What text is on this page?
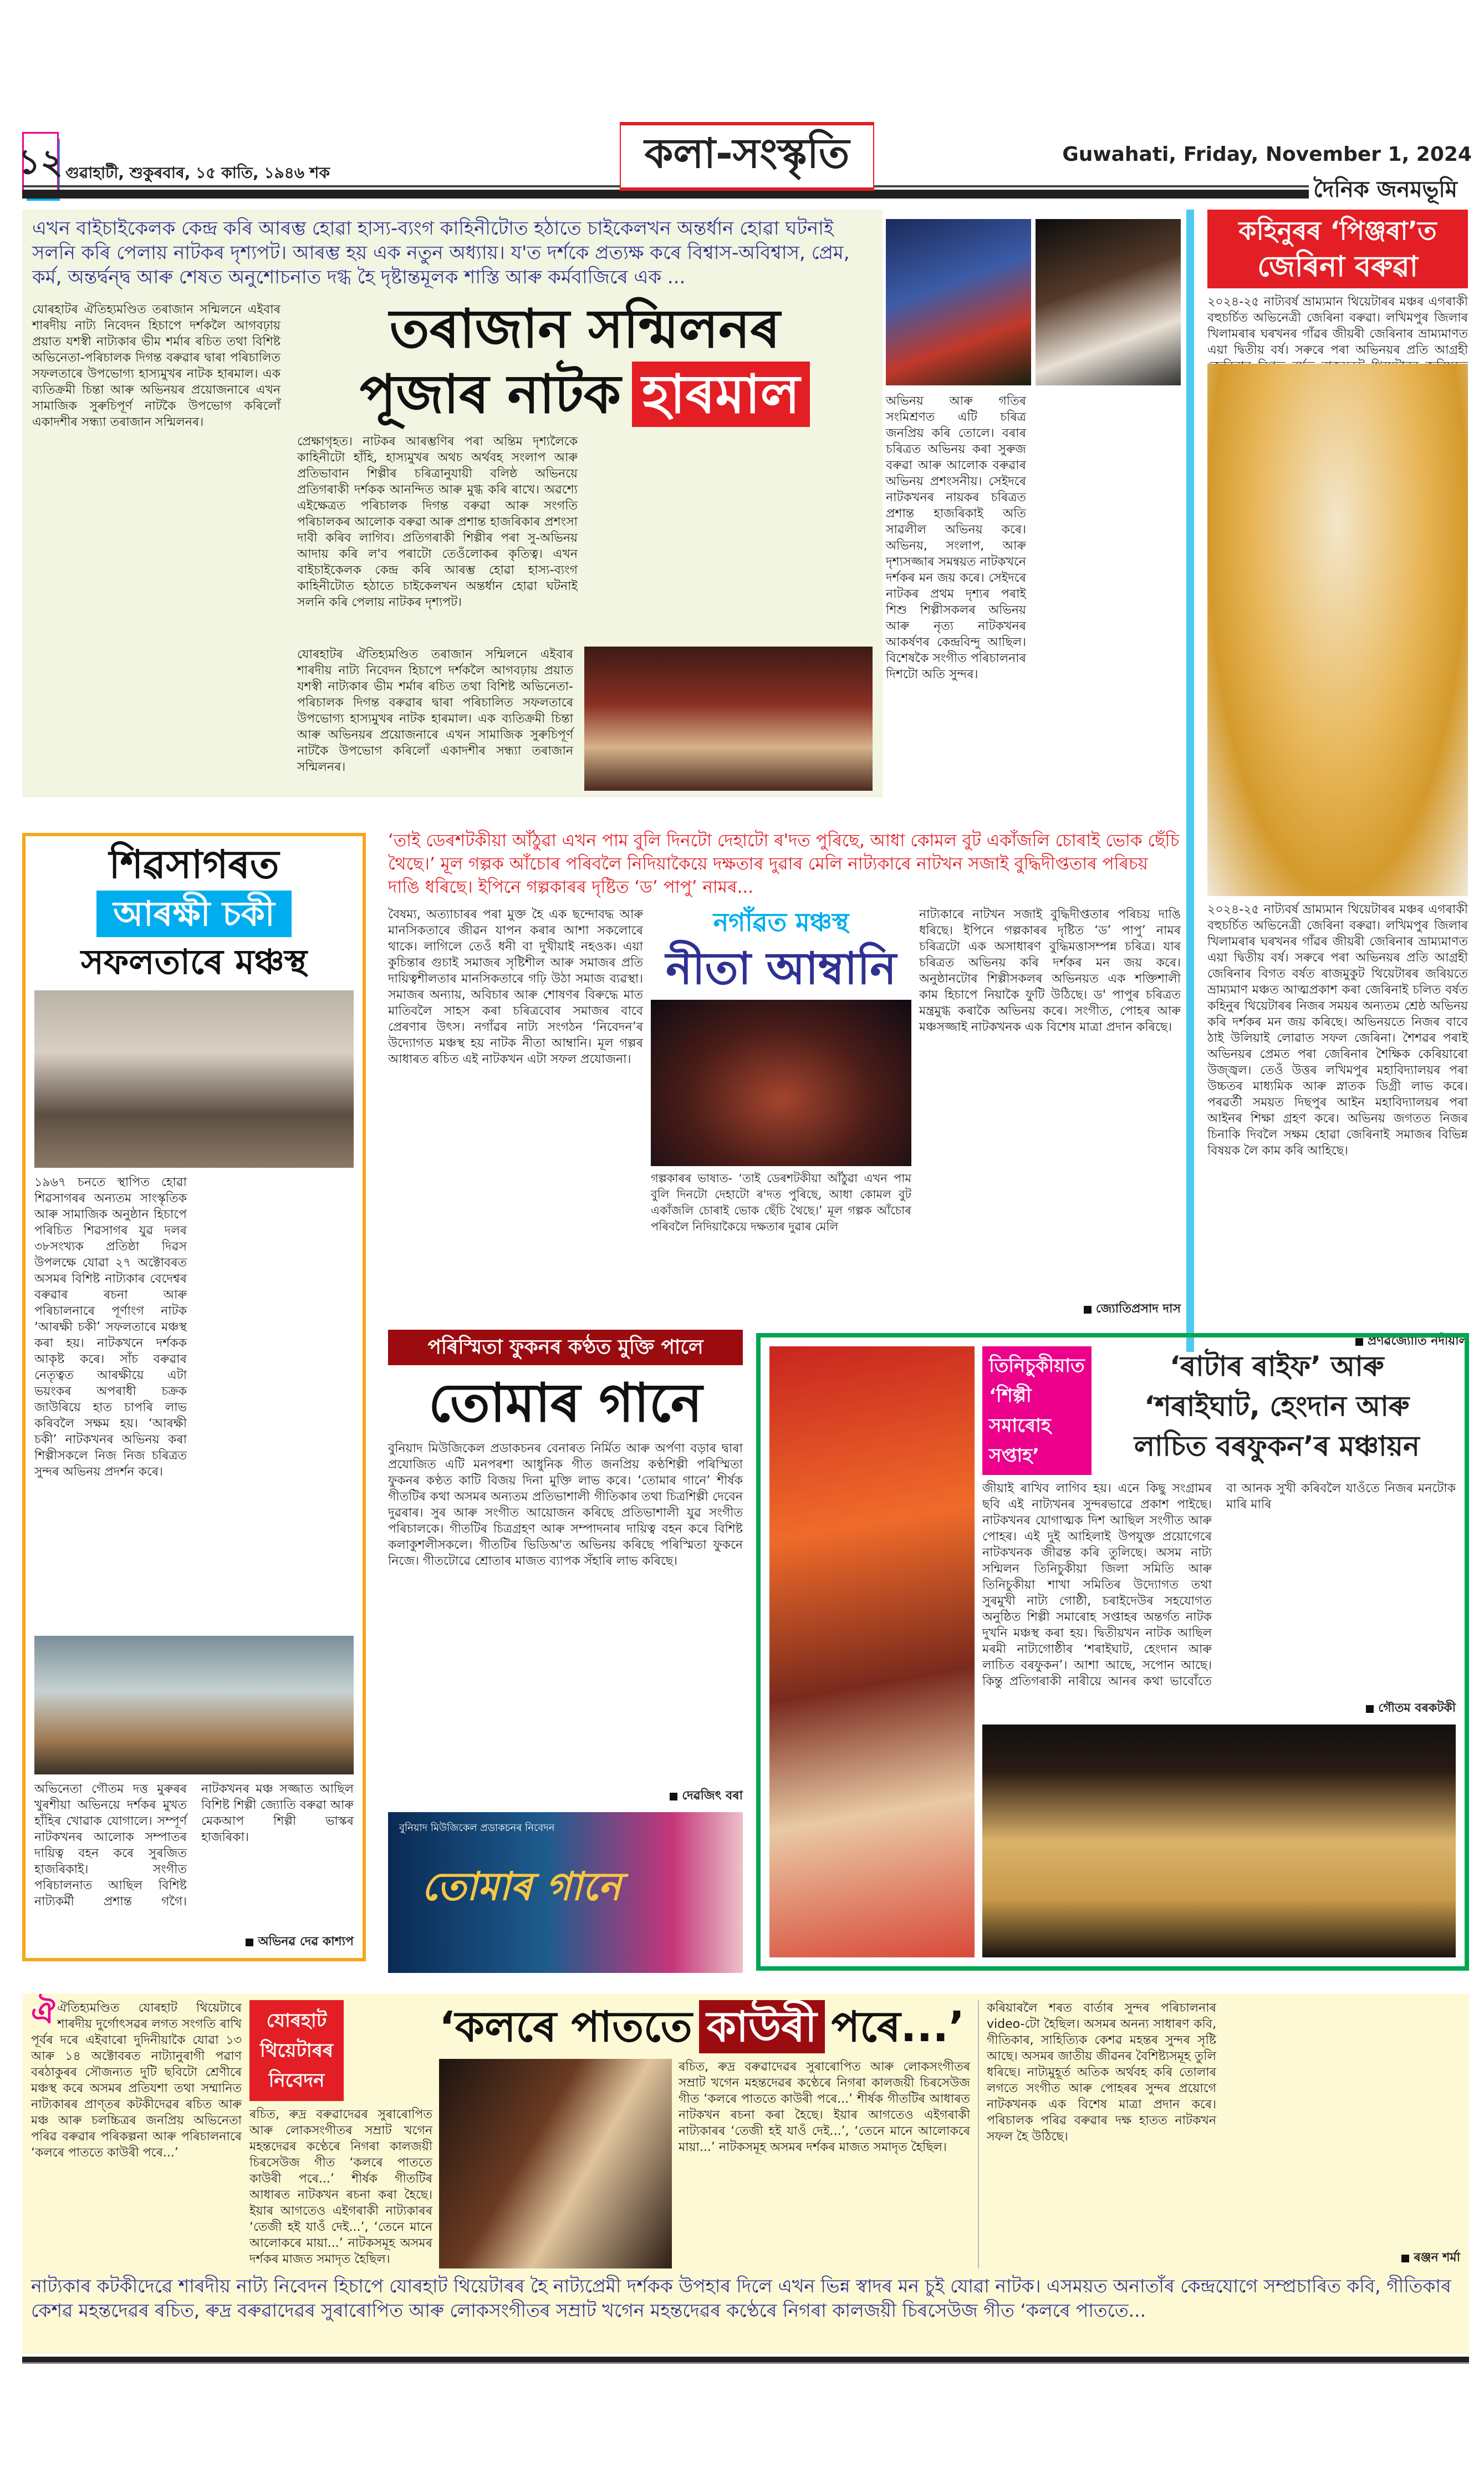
১২ গুৱাহাটী, শুকুৰবাৰ, ১৫ কাতি, ১৯৪৬ শক	কলা-সংস্কৃতি	Guwahati, Friday, November 1, 2024
দৈনিক জনমভূমি
এখন বাইচাইকেলক কেন্দ্ৰ কৰি আৰম্ভ হোৱা হাস্য-ব্যংগ কাহিনীটোত হঠাতে চাইকেলখন অন্তৰ্ধান হোৱা ঘটনাই সলনি কৰি পেলায় নাটকৰ দৃশ্যপট। আৰম্ভ হয় এক নতুন অধ্যায়। য'ত দৰ্শকে প্ৰত্যক্ষ কৰে বিশ্বাস-অবিশ্বাস, প্ৰেম, কৰ্ম, অন্তৰ্দ্বন্দ্ব আৰু শেষত অনুশোচনাত দগ্ধ হৈ দৃষ্টান্তমূলক শাস্তি আৰু কৰ্মবাজিৰে এক ...
যোৰহাটৰ ঐতিহ্যমণ্ডিত তৰাজান সন্মিলনে এইবাৰ শাৰদীয় নাট্য নিবেদন হিচাপে দৰ্শকলৈ আগবঢ়ায় প্ৰয়াত যশস্বী নাট্যকাৰ ভীম শৰ্মাৰ ৰচিত তথা বিশিষ্ট অভিনেতা-পৰিচালক দিগন্ত বৰুৱাৰ দ্বাৰা পৰিচালিত সফলতাৰে উপভোগ্য হাস্যমুখৰ নাটক হাৰমাল। এক ব্যতিক্ৰমী চিন্তা আৰু অভিনয়ৰ প্ৰয়োজনাৰে এখন সামাজিক সুৰুচিপূৰ্ণ নাটকৈ উপভোগ কৰিলোঁ একাদশীৰ সন্ধ্যা তৰাজান সন্মিলনৰ।
তৰাজান সন্মিলনৰ
পূজাৰ নাটক হাৰমাল
প্ৰেক্ষাগৃহত। নাটকৰ আৰম্ভণিৰ পৰা অন্তিম দৃশ্যলৈকে কাহিনীটো হাঁহি, হাস্যমুখৰ অথচ অৰ্থবহ সংলাপ আৰু প্ৰতিভাবান শিল্পীৰ চৰিত্ৰানুযায়ী বলিষ্ঠ অভিনয়ে প্ৰতিগৰাকী দৰ্শকক আনন্দিত আৰু মুগ্ধ কৰি ৰাখে। অৱশ্যে এইক্ষেত্ৰত পৰিচালক দিগন্ত বৰুৱা আৰু সংগতি পৰিচালকৰ আলোক বৰুৱা আৰু প্ৰশান্ত হাজৰিকাৰ প্ৰশংসা দাবী কৰিব লাগিব। প্ৰতিগৰাকী শিল্পীৰ পৰা সু-অভিনয় আদায় কৰি ল'ব পৰাটো তেওঁলোকৰ কৃতিত্ব। এখন বাইচাইকেলক কেন্দ্ৰ কৰি আৰম্ভ হোৱা হাস্য-ব্যংগ কাহিনীটোত হঠাতে চাইকেলখন অন্তৰ্ধান হোৱা ঘটনাই সলনি কৰি পেলায় নাটকৰ দৃশ্যপট।
যোৰহাটৰ ঐতিহ্যমণ্ডিত তৰাজান সন্মিলনে এইবাৰ শাৰদীয় নাট্য নিবেদন হিচাপে দৰ্শকলৈ আগবঢ়ায় প্ৰয়াত যশস্বী নাট্যকাৰ ভীম শৰ্মাৰ ৰচিত তথা বিশিষ্ট অভিনেতা-পৰিচালক দিগন্ত বৰুৱাৰ দ্বাৰা পৰিচালিত সফলতাৰে উপভোগ্য হাস্যমুখৰ নাটক হাৰমাল। এক ব্যতিক্ৰমী চিন্তা আৰু অভিনয়ৰ প্ৰয়োজনাৰে এখন সামাজিক সুৰুচিপূৰ্ণ নাটকৈ উপভোগ কৰিলোঁ একাদশীৰ সন্ধ্যা তৰাজান সন্মিলনৰ।
অভিনয় আৰু গতিৰ সংমিশ্ৰণত এটি চৰিত্ৰ জনপ্ৰিয় কৰি তোলে। বৰাৰ চৰিত্ৰত অভিনয় কৰা সুৰুজ বৰুৱা আৰু আলোক বৰুৱাৰ অভিনয় প্ৰশংসনীয়। সেইদৰে নাটকখনৰ নায়কৰ চৰিত্ৰত প্ৰশান্ত হাজৰিকাই অতি সাৱলীল অভিনয় কৰে। অভিনয়, সংলাপ, আৰু দৃশ্যসজ্জাৰ সমন্বয়ত নাটকখনে দৰ্শকৰ মন জয় কৰে। সেইদৰে নাটকৰ প্ৰথম দৃশ্যৰ পৰাই শিশু শিল্পীসকলৰ অভিনয় আৰু নৃত্য নাটকখনৰ আকৰ্ষণৰ কেন্দ্ৰবিন্দু আছিল। বিশেষকৈ সংগীত পৰিচালনাৰ দিশটো অতি সুন্দৰ।
কহিনুৰৰ ‘পিঞ্জৰা’ত
জেৰিনা বৰুৱা
২০২৪-২৫ নাট্যবৰ্ষ ভ্ৰাম্যমান থিয়েটাৰৰ মঞ্চৰ এগৰাকী বহুচৰ্চিত অভিনেত্ৰী জেৰিনা বৰুৱা। লখিমপুৰ জিলাৰ খিলামৰাৰ ঘৰখনৰ গাঁৱৰ জীয়ৰী জেৰিনাৰ ভ্ৰাম্যমাণত এয়া দ্বিতীয় বৰ্ষ। সৰুৰে পৰা অভিনয়ৰ প্ৰতি আগ্ৰহী
২০২৪-২৫ নাট্যবৰ্ষ ভ্ৰাম্যমান থিয়েটাৰৰ মঞ্চৰ এগৰাকী বহুচৰ্চিত অভিনেত্ৰী জেৰিনা বৰুৱা। লখিমপুৰ জিলাৰ খিলামৰাৰ ঘৰখনৰ গাঁৱৰ জীয়ৰী জেৰিনাৰ ভ্ৰাম্যমাণত এয়া দ্বিতীয় বৰ্ষ। সৰুৰে পৰা অভিনয়ৰ প্ৰতি আগ্ৰহী জেৰিনাৰ বিগত বৰ্ষত ৰাজমুকুট থিয়েটাৰৰ জৰিয়তে ভ্ৰাম্যমাণ মঞ্চত আত্মপ্ৰকাশ কৰা জেৰিনাই চলিত বৰ্ষত কহিনুৰ থিয়েটাৰৰ নিজৰ সময়ৰ অন্যতম শ্ৰেষ্ঠ অভিনয় কৰি দৰ্শকৰ মন জয় কৰিছে। অভিনয়তে নিজৰ বাবে ঠাই উলিয়াই লোৱাত সফল জেৰিনা। শৈশৱৰ পৰাই অভিনয়ৰ প্ৰেমত পৰা জেৰিনাৰ শৈক্ষিক কেৰিয়াৰো উজ্জ্বল। তেওঁ উত্তৰ লখিমপুৰ মহাবিদ্যালয়ৰ পৰা উচ্চতৰ মাধ্যমিক আৰু স্নাতক ডিগ্ৰী লাভ কৰে। পৰৱৰ্তী সময়ত দিছপুৰ আইন মহাবিদ্যালয়ৰ পৰা আইনৰ শিক্ষা গ্ৰহণ কৰে। অভিনয় জগতত নিজৰ চিনাকি দিবলৈ সক্ষম হোৱা জেৰিনাই সমাজৰ বিভিন্ন বিষয়ক লৈ কাম কৰি আহিছে।
প্ৰণৱজ্যোতি নদীয়াল
শিৱসাগৰত
আৰক্ষী চকী
সফলতাৰে মঞ্চস্থ
১৯৬৭ চনতে স্থাপিত হোৱা শিৱসাগৰৰ অন্যতম সাংস্কৃতিক আৰু সামাজিক অনুষ্ঠান হিচাপে পৰিচিত শিৱসাগৰ যুৱ দলৰ ৩৮সংখ্যক প্ৰতিষ্ঠা দিৱস উপলক্ষে যোৱা ২৭ অক্টোবৰত অসমৰ বিশিষ্ট নাট্যকাৰ বেদেশ্বৰ বৰুৱাৰ ৰচনা আৰু পৰিচালনাৰে পূৰ্ণাংগ নাটক ‘আৰক্ষী চকী’ সফলতাৰে মঞ্চস্থ কৰা হয়। নাটকখনে দৰ্শকক আকৃষ্ট কৰে। সাঁচ বৰুৱাৰ নেতৃত্বত আৰক্ষীয়ে এটা ভয়ংকৰ অপৰাধী চক্ৰক জাউৰিয়ে হাত চাপৰি লাভ কৰিবলৈ সক্ষম হয়। ‘আৰক্ষী চকী’ নাটকখনৰ অভিনয় কৰা শিল্পীসকলে নিজ নিজ চৰিত্ৰত সুন্দৰ অভিনয় প্ৰদৰ্শন কৰে।
অভিনেতা গৌতম দত্ত মুৰুৰৰ খুৰশীয়া অভিনয়ে দৰ্শকৰ মুখত হাঁহিৰ খোৱাক যোগালে। সম্পূৰ্ণ নাটকখনৰ আলোক সম্পাতৰ দায়িত্ব বহন কৰে সুৰজিত হাজৰিকাই। সংগীত পৰিচালনাত আছিল বিশিষ্ট নাট্যকৰ্মী প্ৰশান্ত গগৈ। নাটকখনৰ মঞ্চ সজ্জাত আছিল বিশিষ্ট শিল্পী জ্যোতি বৰুৱা আৰু মেকআপ শিল্পী ভাস্কৰ হাজৰিকা।
অভিনৱ দেৱ কাশ্যপ
‘তাই ডেৰশটকীয়া আঁঠুৱা এখন পাম বুলি দিনটো দেহাটো ৰ'দত পুৰিছে, আধা কোমল বুট একাঁজলি চোৰাই ভোক ছেঁচি থৈছে।’ মূল গল্পক আঁচোৰ পৰিবলৈ নিদিয়াকৈয়ে দক্ষতাৰ দুৱাৰ মেলি নাট্যকাৰে নাটখন সজাই বুদ্ধিদীপ্ততাৰ পৰিচয় দাঙি ধৰিছে। ইপিনে গল্পকাৰৰ দৃষ্টিত ‘ড’ পাপু’ নামৰ...
বৈষম্য, অত্যাচাৰৰ পৰা মুক্ত হৈ এক ছন্দোবদ্ধ আৰু মানসিকতাৰে জীৱন যাপন কৰাৰ আশা সকলোৰে থাকে। লাগিলে তেওঁ ধনী বা দুখীয়াই নহওক। এয়া কুচিন্তাৰ গুচাই সমাজৰ সৃষ্টিশীল আৰু সমাজৰ প্ৰতি দায়িত্বশীলতাৰ মানসিকতাৰে গঢ়ি উঠা সমাজ ব্যৱস্থা। সমাজৰ অন্যায়, অবিচাৰ আৰু শোষণৰ বিৰুদ্ধে মাত মাতিবলৈ সাহস কৰা চৰিত্ৰবোৰ সমাজৰ বাবে প্ৰেৰণাৰ উৎস। নগাঁৱৰ নাট্য সংগঠন ‘নিবেদন’ৰ উদ্যোগত মঞ্চস্থ হয় নাটক নীতা আম্বানি। মূল গল্পৰ আধাৰত ৰচিত এই নাটকখন এটা সফল প্ৰযোজনা।
নগাঁৱত মঞ্চস্থ
নীতা আম্বানি
গল্পকাৰৰ ভাষাত- ‘তাই ডেৰশটকীয়া আঁঠুৱা এখন পাম বুলি দিনটো দেহাটো ৰ'দত পুৰিছে, আধা কোমল বুট একাঁজলি চোৰাই ভোক ছেঁচি থৈছে।’ মূল গল্পক আঁচোৰ পৰিবলৈ নিদিয়াকৈয়ে দক্ষতাৰ দুৱাৰ মেলি
নাট্যকাৰে নাটখন সজাই বুদ্ধিদীপ্ততাৰ পৰিচয় দাঙি ধৰিছে। ইপিনে গল্পকাৰৰ দৃষ্টিত ‘ড’ পাপু’ নামৰ চৰিত্ৰটো এক অসাধাৰণ বুদ্ধিমত্তাসম্পন্ন চৰিত্ৰ। যাৰ চৰিত্ৰত অভিনয় কৰি দৰ্শকৰ মন জয় কৰে। অনুষ্ঠানটোৰ শিল্পীসকলৰ অভিনয়ত এক শক্তিশালী কাম হিচাপে নিয়াকৈ ফুটি উঠিছে। ড' পাপুৰ চৰিত্ৰত মন্ত্ৰমুগ্ধ কৰাকৈ অভিনয় কৰে। সংগীত, পোহৰ আৰু মঞ্চসজ্জাই নাটকখনক এক বিশেষ মাত্ৰা প্ৰদান কৰিছে।
জ্যোতিপ্ৰসাদ দাস
পৰিস্মিতা ফুকনৰ কণ্ঠত মুক্তি পালে
তোমাৰ গানে
বুনিয়াদ মিউজিকেল প্ৰডাকচনৰ বেনাৰত নিৰ্মিত আৰু অৰ্পণা বড়াৰ দ্বাৰা প্ৰযোজিত এটি মনপৰশা আধুনিক গীত জনপ্ৰিয় কণ্ঠশিল্পী পৰিস্মিতা ফুকনৰ কণ্ঠত কাটি বিজয় দিনা মুক্তি লাভ কৰে। ‘তোমাৰ গানে’ শীৰ্ষক গীতটিৰ কথা অসমৰ অন্যতম প্ৰতিভাশালী গীতিকাৰ তথা চিত্ৰশিল্পী দেবেন দুৱৰাৰ। সুৰ আৰু সংগীত আয়োজন কৰিছে প্ৰতিভাশালী যুৱ সংগীত পৰিচালকে। গীতটিৰ চিত্ৰগ্ৰহণ আৰু সম্পাদনাৰ দায়িত্ব বহন কৰে বিশিষ্ট কলাকুশলীসকলে। গীতটিৰ ভিডিঅ'ত অভিনয় কৰিছে পৰিস্মিতা ফুকনে নিজে। গীতটোৱে শ্ৰোতাৰ মাজত ব্যাপক সঁহাৰি লাভ কৰিছে।
দেৱজিৎ বৰা
বুনিয়াদ মিউজিকেল প্ৰডাকচনৰ নিবেদন
তোমাৰ গানে
তিনিচুকীয়াত
‘শিল্পী
সমাৰোহ
সপ্তাহ’
‘ৰাটাৰ ৰাইফ’ আৰু
‘শৰাইঘাট, হেংদান আৰু
লাচিত বৰফুকন’ৰ মঞ্চায়ন
জীয়াই ৰাখিব লাগিব হয়। এনে কিছু সংগ্ৰামৰ ছবি এই নাট্যখনৰ সুন্দৰভাৱে প্ৰকাশ পাইছে। নাটকখনৰ যোগাত্মক দিশ আছিল সংগীত আৰু পোহৰ। এই দুই আহিলাই উপযুক্ত প্ৰয়োগেৰে নাটকখনক জীৱন্ত কৰি তুলিছে। অসম নাট্য সন্মিলন তিনিচুকীয়া জিলা সমিতি আৰু তিনিচুকীয়া শাখা সমিতিৰ উদ্যোগত তথা সুৰমুখী নাট্য গোষ্ঠী, চৰাইদেউৰ সহযোগত অনুষ্ঠিত শিল্পী সমাৰোহ সপ্তাহৰ অন্তৰ্গত নাটক দুখনি মঞ্চস্থ কৰা হয়। দ্বিতীয়খন নাটক আছিল মৰমী নাট্যগোষ্ঠীৰ ‘শৰাইঘাট, হেংদান আৰু লাচিত বৰফুকন’। আশা আছে, সপোন আছে। কিন্তু প্ৰতিগৰাকী নাৰীয়ে আনৰ কথা ভাবোঁতে বা আনক সুখী কৰিবলৈ যাওঁতে নিজৰ মনটোক মাৰি মাৰি
গৌতম বৰকটকী
ঐঐতিহ্যমণ্ডিত যোৰহাট থিয়েটাৰে শাৰদীয় দুৰ্গোৎসৱৰ লগত সংগতি ৰাখি পূৰ্বৰ দৰে এইবাৰো দুদিনীয়াকৈ যোৱা ১৩ আৰু ১৪ অক্টোবৰত নাট্যানুৰাগী পৱাণ বৰঠাকুৰৰ সৌজন্যত দুটি ছবিটো শ্ৰেণীৰে মঞ্চস্থ কৰে অসমৰ প্ৰতিযশা তথা সম্মানিত নাট্যকাৰৰ প্ৰাণ্তৰ কটকীদেৱৰ ৰচিত আৰু মঞ্চ আৰু চলচ্চিত্ৰৰ জনপ্ৰিয় অভিনেতা পৰিৱ বৰুৱাৰ পৰিকল্পনা আৰু পৰিচালনাৰে ‘কলৰে পাততে কাউৰী পৰে...’
যোৰহাট থিয়েটাৰৰ নিবেদন
ৰচিত, ৰুদ্ৰ বৰুৱাদেৱৰ সুৰাৰোপিত আৰু লোকসংগীতৰ সম্ৰাট খগেন মহন্তদেৱৰ কণ্ঠেৰে নিগৰা কালজয়ী চিৰসেউজ গীত ‘কলৰে পাততে কাউৰী পৰে...’ শীৰ্ষক গীতটিৰ আধাৰত নাটকখন ৰচনা কৰা হৈছে। ইয়াৰ আগতেও এইগৰাকী নাট্যকাৰৰ ‘তেজী হই যাওঁ দেই...’, ‘তেনে মানে আলোকৰে মায়া...’ নাটকসমূহ অসমৰ দৰ্শকৰ মাজত সমাদৃত হৈছিল।
‘কলৰে পাততে কাউৰী পৰে...’
ৰচিত, ৰুদ্ৰ বৰুৱাদেৱৰ সুৰাৰোপিত আৰু লোকসংগীতৰ সম্ৰাট খগেন মহন্তদেৱৰ কণ্ঠেৰে নিগৰা কালজয়ী চিৰসেউজ গীত ‘কলৰে পাততে কাউৰী পৰে...’ শীৰ্ষক গীতটিৰ আধাৰত নাটকখন ৰচনা কৰা হৈছে। ইয়াৰ আগতেও এইগৰাকী নাট্যকাৰৰ ‘তেজী হই যাওঁ দেই...’, ‘তেনে মানে আলোকৰে মায়া...’ নাটকসমূহ অসমৰ দৰ্শকৰ মাজত সমাদৃত হৈছিল।
কৰিয়াৰলৈ শৰত বাৰ্তাৰ সুন্দৰ পৰিচালনাৰ video-টো হৈছিল। অসমৰ অনন্য সাধাৰণ কবি, গীতিকাৰ, সাহিত্যিক কেশৱ মহন্তৰ সুন্দৰ সৃষ্টি আছে। অসমৰ জাতীয় জীৱনৰ বৈশিষ্ট্যসমূহ তুলি ধৰিছে। নাট্যমুহূৰ্ত অতিক অৰ্থবহ কৰি তোলাৰ লগতে সংগীত আৰু পোহৰৰ সুন্দৰ প্ৰয়োগে নাটকখনক এক বিশেষ মাত্ৰা প্ৰদান কৰে। পৰিচালক পৰিৱ বৰুৱাৰ দক্ষ হাতত নাটকখন সফল হৈ উঠিছে।
ৰঞ্জন শৰ্মা
নাট্যকাৰ কটকীদেৱে শাৰদীয় নাট্য নিবেদন হিচাপে যোৰহাট থিয়েটাৰৰ হৈ নাট্যপ্ৰেমী দৰ্শকক উপহাৰ দিলে এখন ভিন্ন স্বাদৰ মন চুই যোৱা নাটক। এসময়ত অনাতাঁৰ কেন্দ্ৰযোগে সম্প্ৰচাৰিত কবি, গীতিকাৰ কেশৱ মহন্তদেৱৰ ৰচিত, ৰুদ্ৰ বৰুৱাদেৱৰ সুৰাৰোপিত আৰু লোকসংগীতৰ সম্ৰাট খগেন মহন্তদেৱৰ কণ্ঠেৰে নিগৰা কালজয়ী চিৰসেউজ গীত ‘কলৰে পাততে...
